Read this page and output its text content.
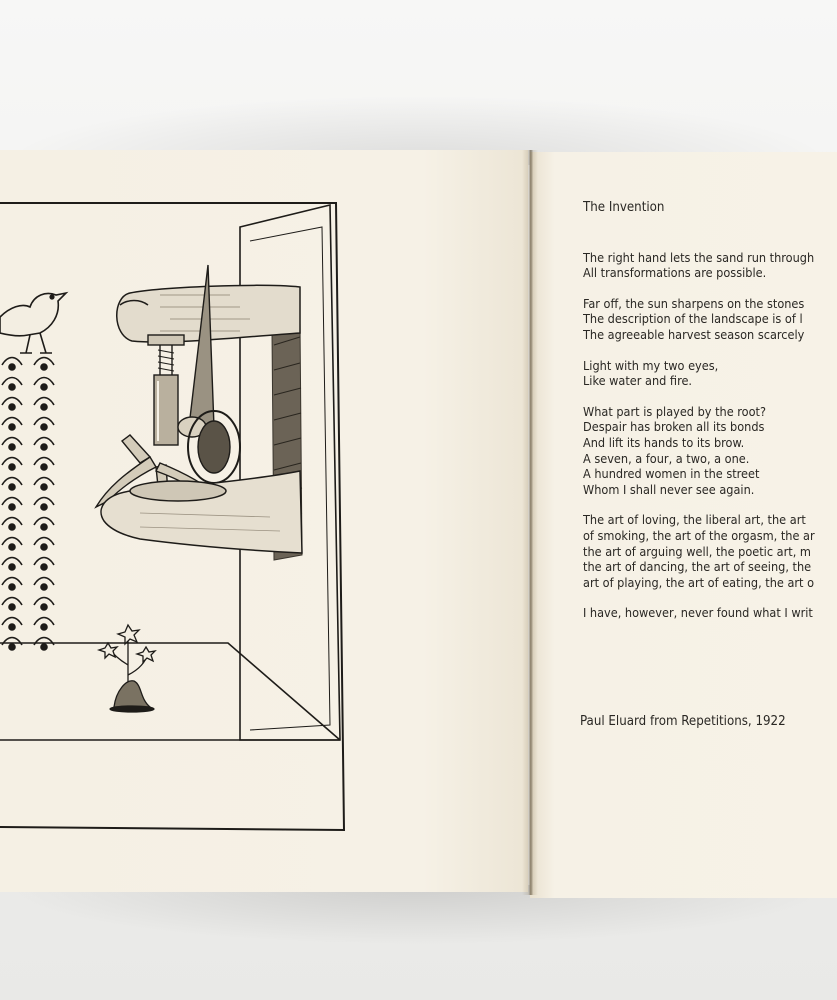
The Invention
The right hand lets the sand run through
All transformations are possible.
Far off, the sun sharpens on the stones
The description of the landscape is of l
The agreeable harvest season scarcely
Light with my two eyes,
Like water and fire.
What part is played by the root?
Despair has broken all its bonds
And lift its hands to its brow.
A seven, a four, a two, a one.
A hundred women in the street
Whom I shall never see again.
The art of loving, the liberal art, the art
of smoking, the art of the orgasm, the ar
the art of arguing well, the poetic art, m
the art of dancing, the art of seeing, the
art of playing, the art of eating, the art o
I have, however, never found what I writ
Paul Eluard from Repetitions, 1922
